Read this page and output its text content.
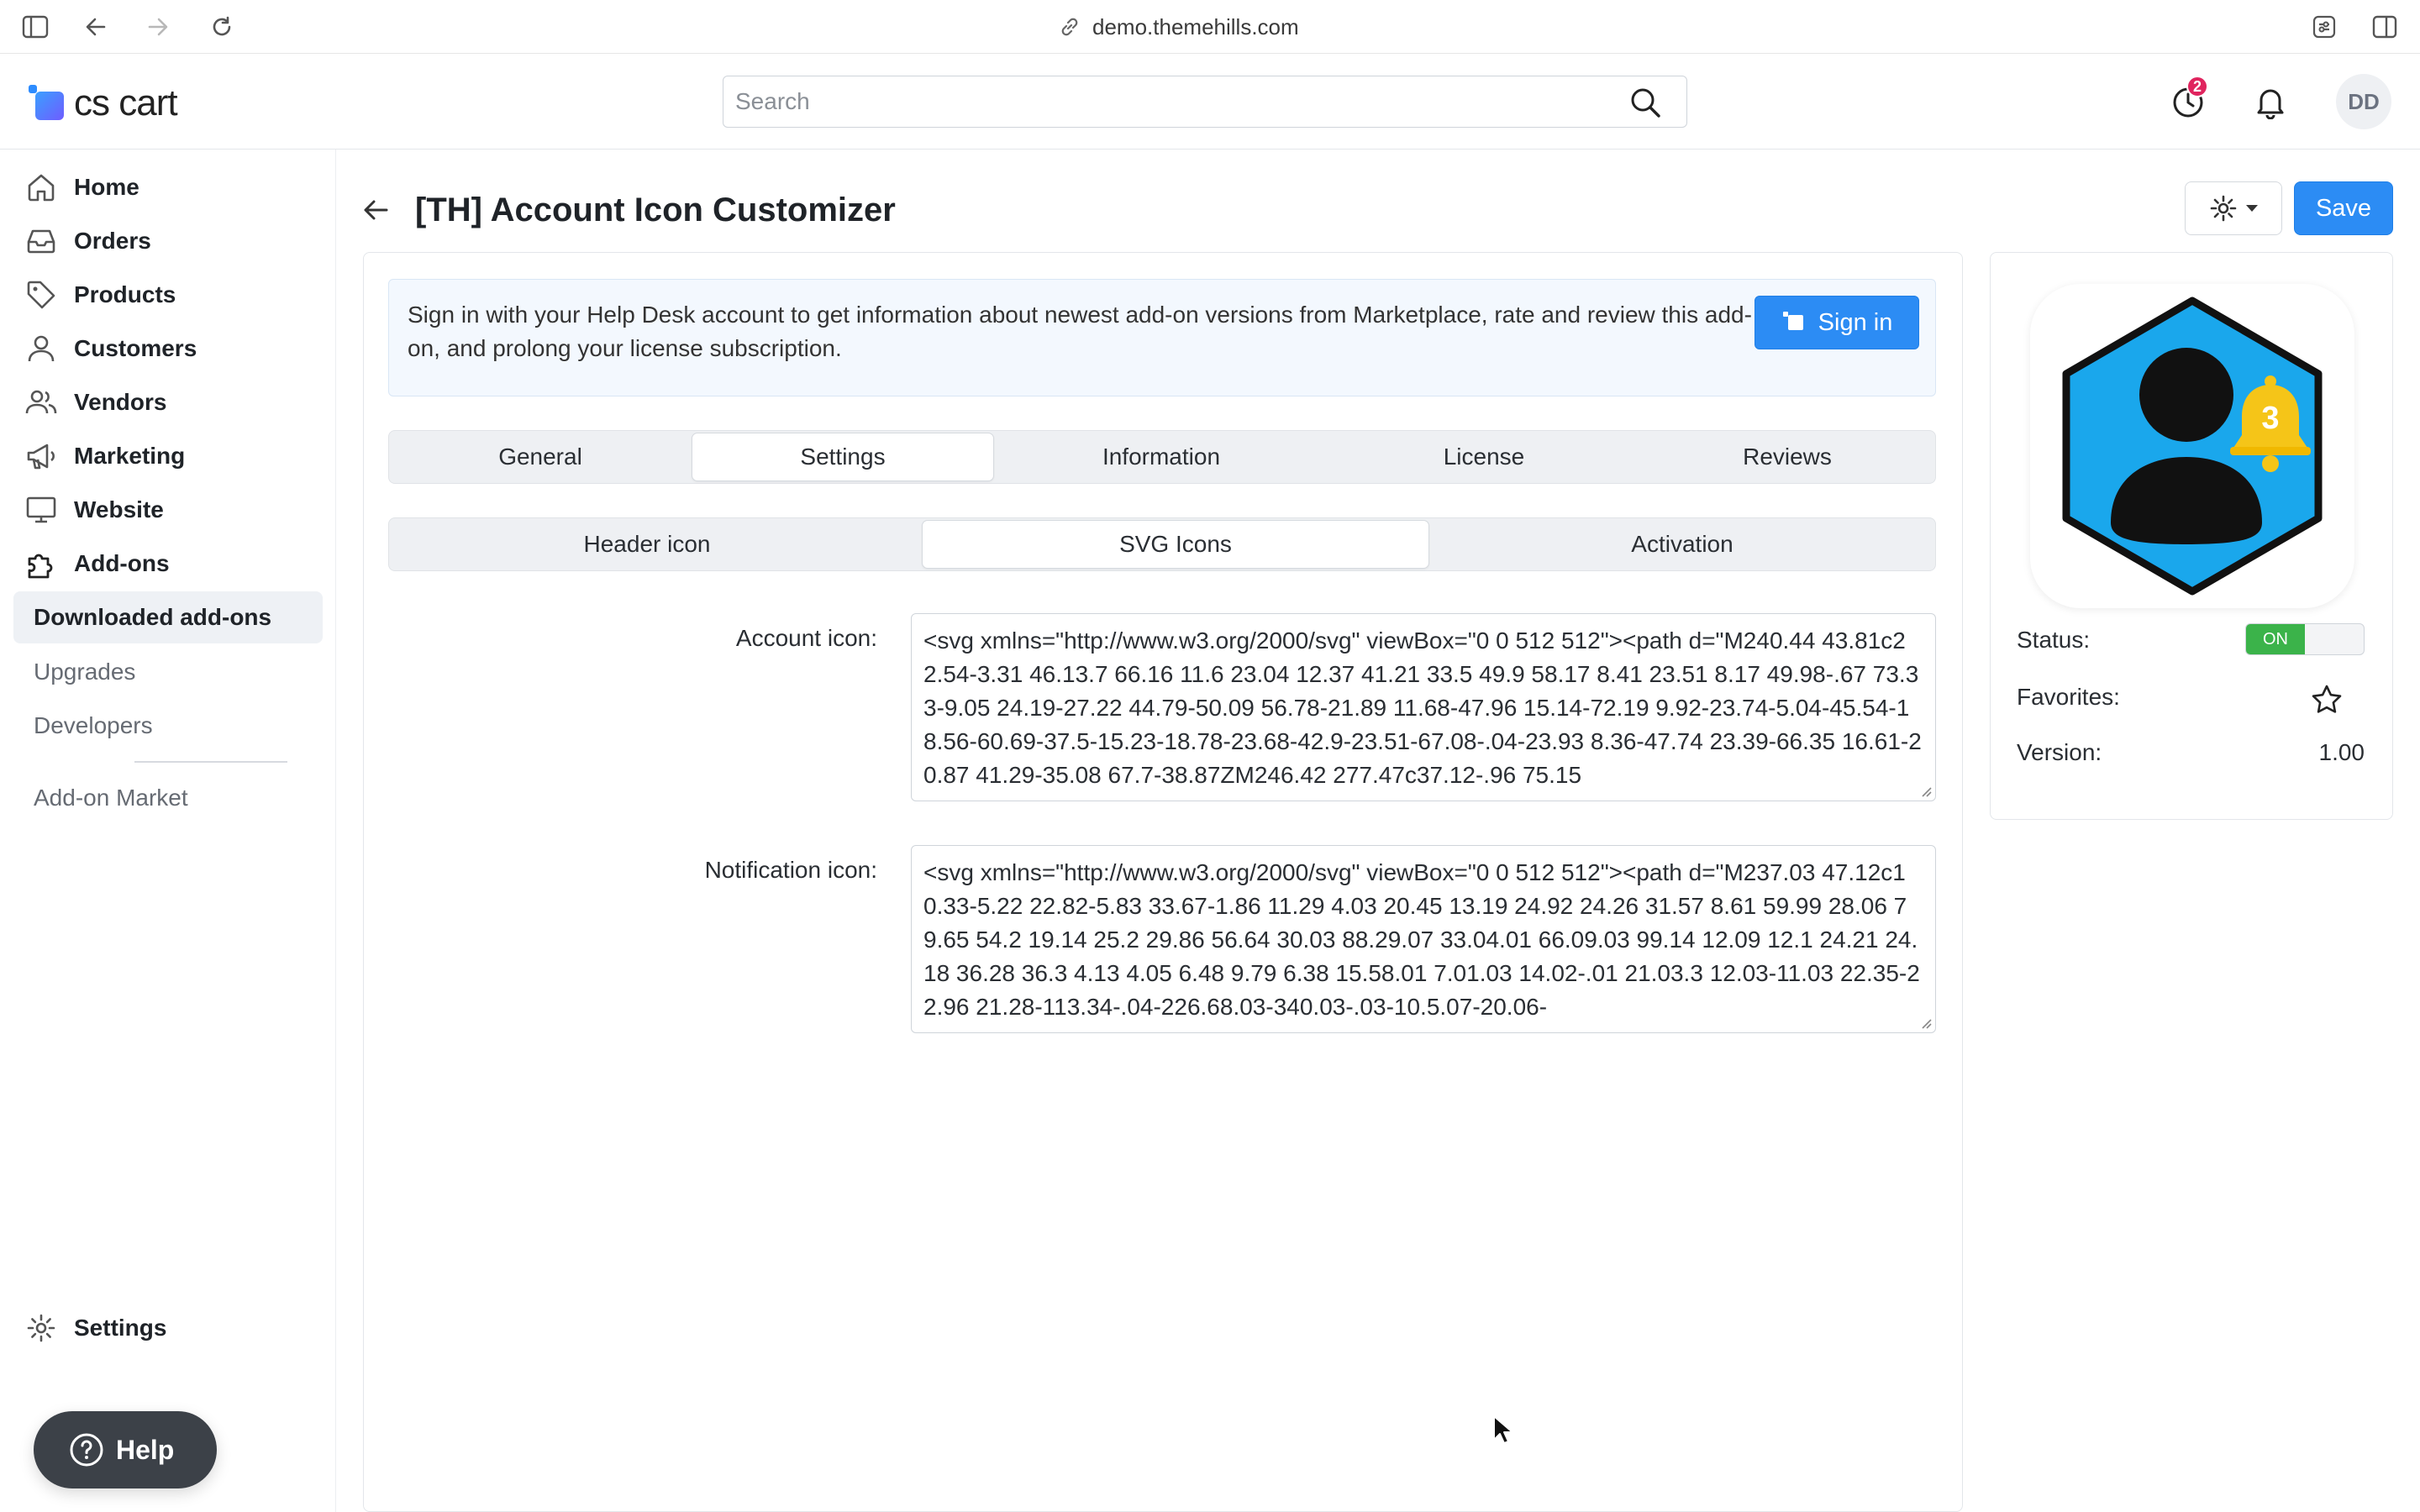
demo.themehills.com
cs cart
Search	2
DD
Home
Orders
Products
Customers
Vendors
Marketing
Website
Add-ons
Downloaded add-ons
Upgrades
Developers
Add-on Market
Settings
Help
[TH] Account Icon Customizer	Save
Sign in with your Help Desk account to get information about newest add-on versions from Marketplace, rate and review this add-on, and prolong your license subscription.
Sign in
General	Settings	Information	License	Reviews
Header icon	SVG Icons	Activation
Account icon:	<svg xmlns="http://www.w3.org/2000/svg" viewBox="0 0 512 512"><path d="M240.44 43.81c22.54-3.31 46.13.7 66.16 11.6 23.04 12.37 41.21 33.5 49.9 58.17 8.41 23.51 8.17 49.98-.67 73.33-9.05 24.19-27.22 44.79-50.09 56.78-21.89 11.68-47.96 15.14-72.19 9.92-23.74-5.04-45.54-18.56-60.69-37.5-15.23-18.78-23.68-42.9-23.51-67.08-.04-23.93 8.36-47.74 23.39-66.35 16.61-20.87 41.29-35.08 67.7-38.87ZM246.42 277.47c37.12-.96 75.15
Notification icon:	<svg xmlns="http://www.w3.org/2000/svg" viewBox="0 0 512 512"><path d="M237.03 47.12c10.33-5.22 22.82-5.83 33.67-1.86 11.29 4.03 20.45 13.19 24.92 24.26 31.57 8.61 59.99 28.06 79.65 54.2 19.14 25.2 29.86 56.64 30.03 88.29.07 33.04.01 66.09.03 99.14 12.09 12.1 24.21 24.18 36.28 36.3 4.13 4.05 6.48 9.79 6.38 15.58.01 7.01.03 14.02-.01 21.03.3 12.03-11.03 22.35-22.96 21.28-113.34-.04-226.68.03-340.03-.03-10.5.07-20.06-
3
Status:	ON
Favorites:
Version:	1.00
